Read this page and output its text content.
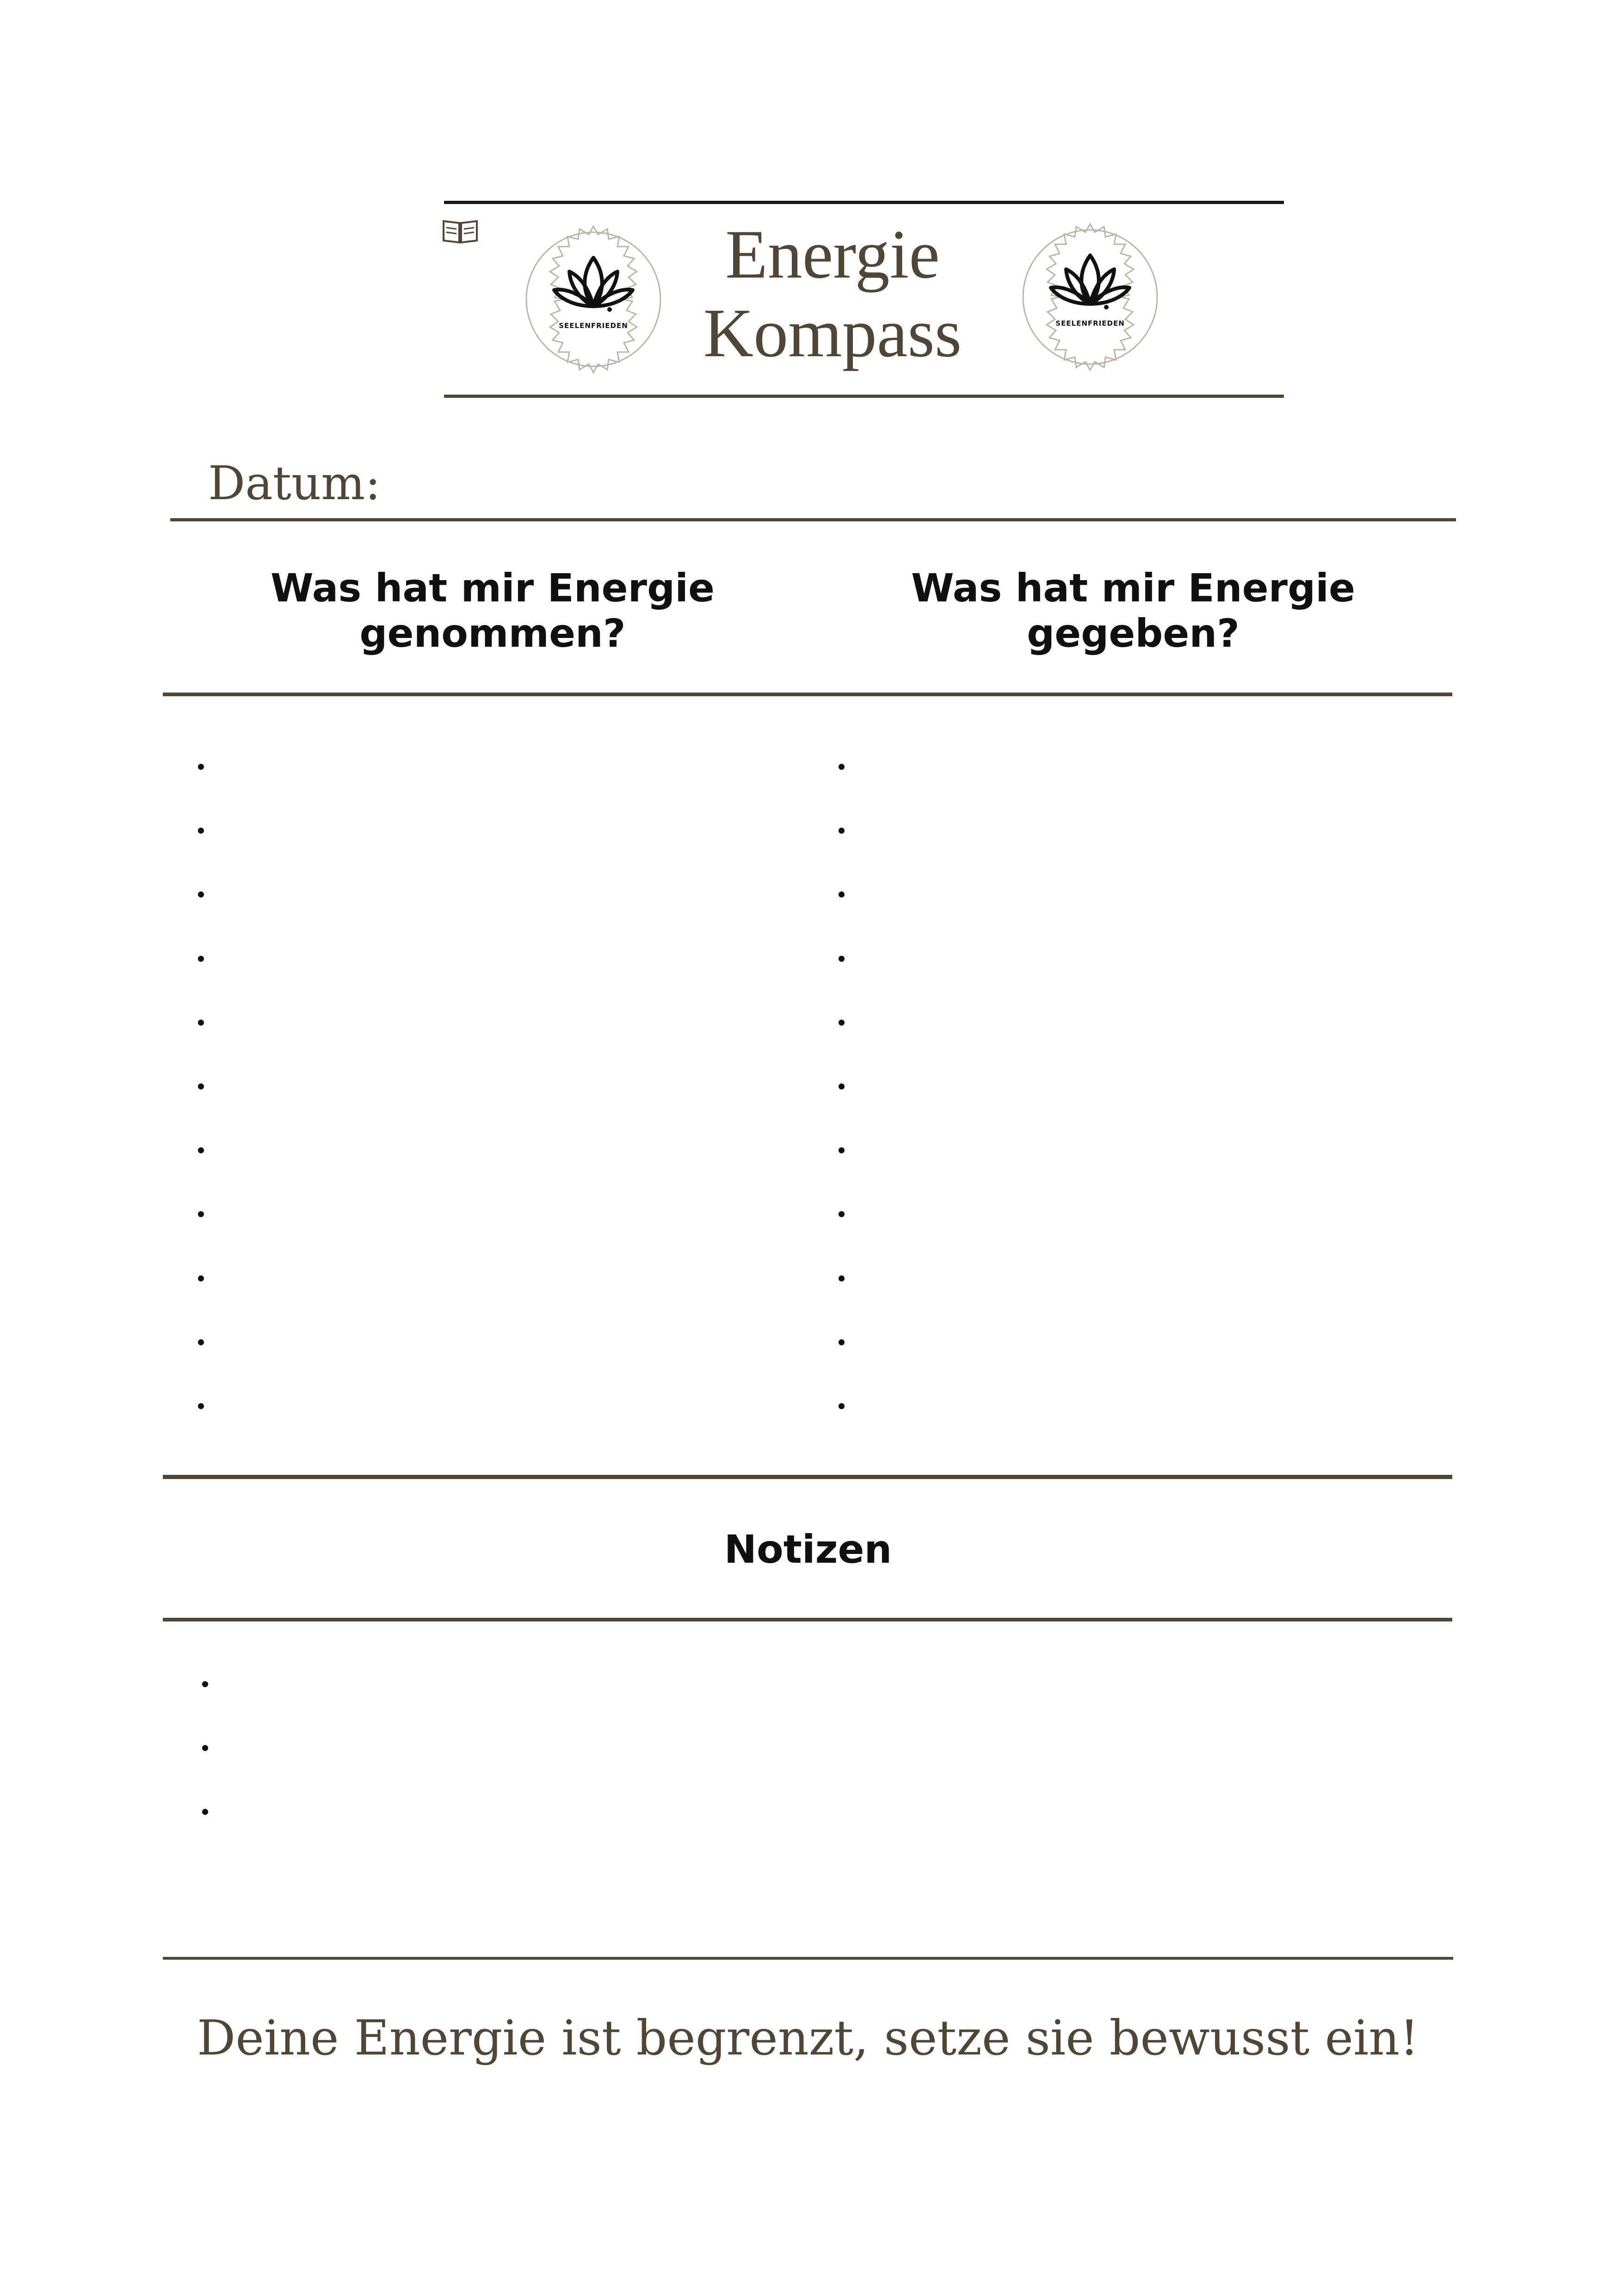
SEELENFRIEDEN	SEELENFRIEDEN
Energie
Kompass
Datum:
Was hat mir Energie
genommen?
Was hat mir Energie
gegeben?
Notizen
Deine Energie ist begrenzt, setze sie bewusst ein!
